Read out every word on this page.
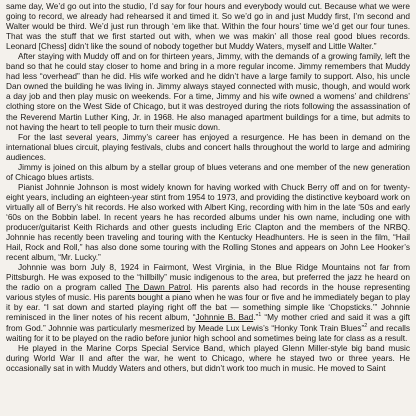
same day, We’d go out into the studio, I’d say for four hours and everybody would cut. Because what we were going to record, we already had rehearsed it and timed it. So we’d go in and just Muddy first, I’m second and Walter would be third. We’d just run through ‘em like that. Within the four hours’ time we’d get our four tunes. That was the stuff that we first started out with, when we was makin’ all those real good blues records. Leonard [Chess] didn’t like the sound of nobody together but Muddy Waters, myself and Little Walter.”

After staying with Muddy off and on for thirteen years, Jimmy, with the demands of a growing family, left the band so that he could stay closer to home and bring in a more regular income. Jimmy remembers that Muddy had less “overhead” than he did. His wife worked and he didn’t have a large family to support. Also, his uncle Dan owned the building he was living in. Jimmy always stayed connected with music, though, and would work a day job and then play music on weekends. For a time, Jimmy and his wife owned a womens’ and childrens’ clothing store on the West Side of Chicago, but it was destroyed during the riots following the assassination of the Reverend Martin Luther King, Jr. in 1968. He also managed apartment buildings for a time, but admits to not having the heart to tell people to turn their music down.

For the last several years, Jimmy’s career has enjoyed a resurgence. He has been in demand on the international blues circuit, playing festivals, clubs and concert halls throughout the world to large and admiring audiences.

Jimmy is joined on this album by a stellar group of blues veterans and one member of the new generation of Chicago blues artists.

Pianist Johnnie Johnson is most widely known for having worked with Chuck Berry off and on for twenty-eight years, including an eighteen-year stint from 1954 to 1973, and providing the distinctive keyboard work on virtually all of Berry’s hit records. He also worked with Albert King, recording with him in the late ‘50s and early ‘60s on the Bobbin label. In recent years he has recorded albums under his own name, including one with producer/guitarist Keith Richards and other guests including Eric Clapton and the members of the NRBQ. Johnnie has recently been traveling and touring with the Kentucky Headhunters. He is seen in the film, “Hail Hail, Rock and Roll,” has also done some touring with the Rolling Stones and appears on John Lee Hooker’s recent album, “Mr. Lucky.”

Johnnie was born July 8, 1924 in Fairmont, West Virginia, in the Blue Ridge Mountains not far from Pittsburgh. He was exposed to the “hillbilly” music indigenous to the area, but preferred the jazz he heard on the radio on a program called The Dawn Patrol. His parents also had records in the house representing various styles of music. His parents bought a piano when he was four or five and he immediately began to play it by ear. “I sat down and started playing right off the bat — something simple like ‘Chopsticks.’” Johnnie reminisced in the liner notes of his recent album, “Johnnie B. Bad.”$^1$ “My mother cried and said it was a gift from God.” Johnnie was particularly mesmerized by Meade Lux Lewis’s “Honky Tonk Train Blues”$^2$ and recalls waiting for it to be played on the radio before junior high school and sometimes being late for class as a result.

He played in the Marine Corps Special Service Band, which played Glenn Miller-style big band music during World War II and after the war, he went to Chicago, where he stayed two or three years. He occasionally sat in with Muddy Waters and others, but didn’t work too much in music. He moved to Saint
